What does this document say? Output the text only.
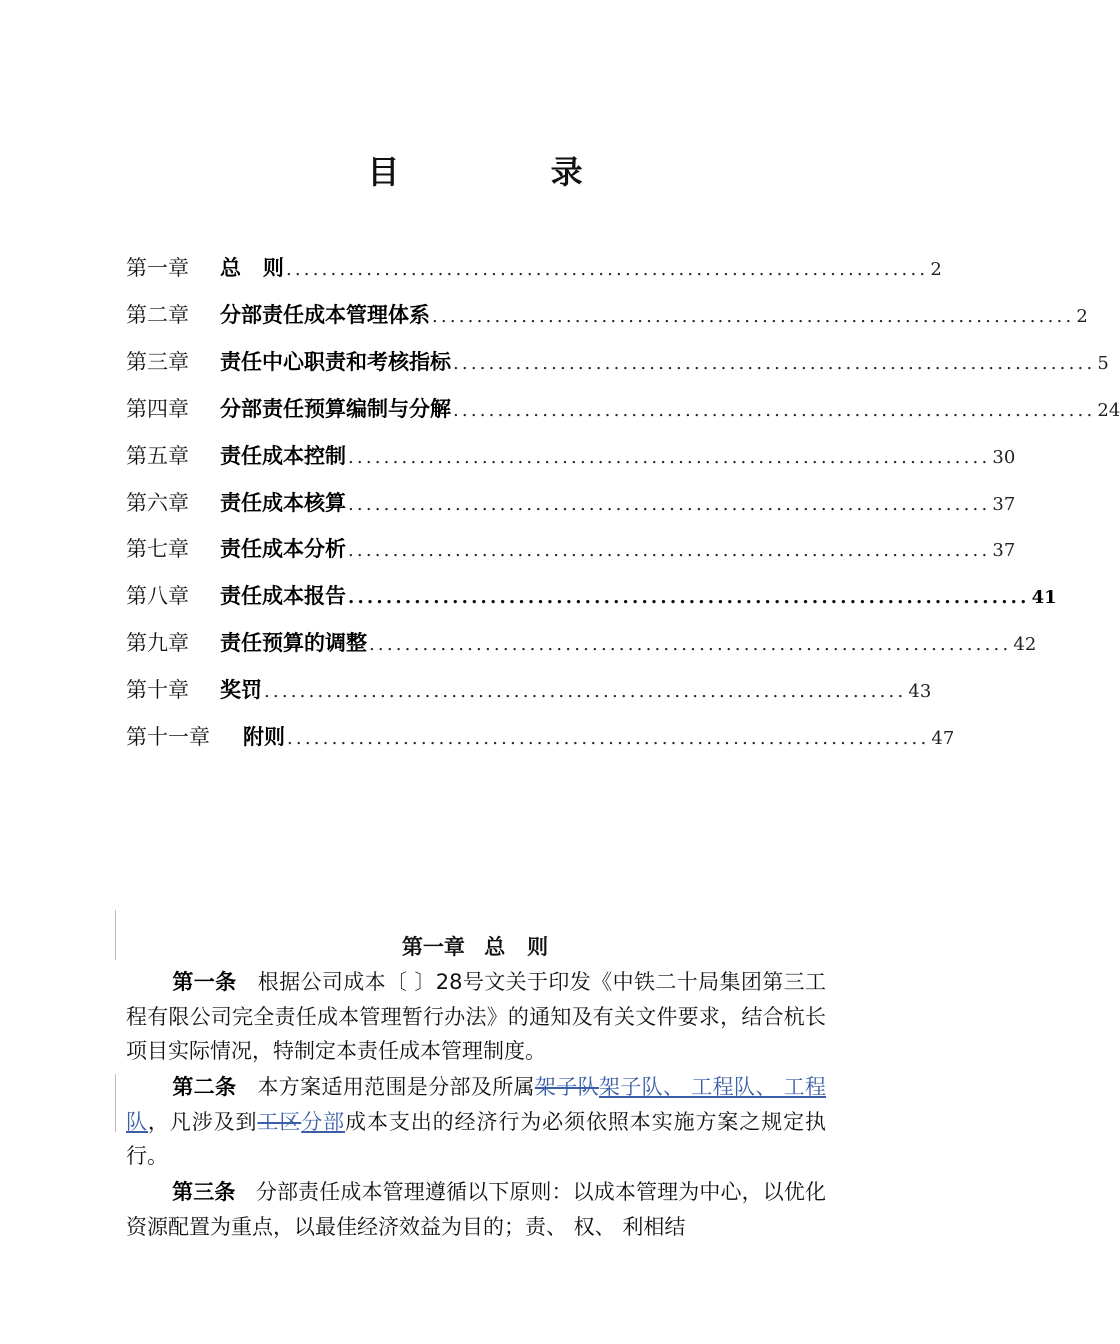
目 录
第一章	总   则 ........................................................................ 2
第二章	分部责任成本管理体系 ........................................................................ 2
第三章	责任中心职责和考核指标 ........................................................................ 5
第四章	分部责任预算编制与分解 ........................................................................ 24
第五章	责任成本控制 ........................................................................ 30
第六章	责任成本核算 ........................................................................ 37
第七章	责任成本分析 ........................................................................ 37
第八章	责任成本报告 ........................................................................ 41
第九章	责任预算的调整 ........................................................................ 42
第十章	奖罚 ........................................................................ 43
第十一章	附则 ........................................................................ 47
第一章 总   则
第一条 根据公司成本〔 〕28号文关于印发《中铁二十局集团第三工程有限公司完全责任成本管理暂行办法》的通知及有关文件要求，结合杭长项目实际情况，特制定本责任成本管理制度。
第二条 本方案适用范围是分部及所属架子队架子队、 工程队、 工程队，凡涉及到工区分部成本支出的经济行为必须依照本实施方案之规定执行。
第三条 分部责任成本管理遵循以下原则：以成本管理为中心，以优化资源配置为重点，以最佳经济效益为目的；责、 权、 利相结
